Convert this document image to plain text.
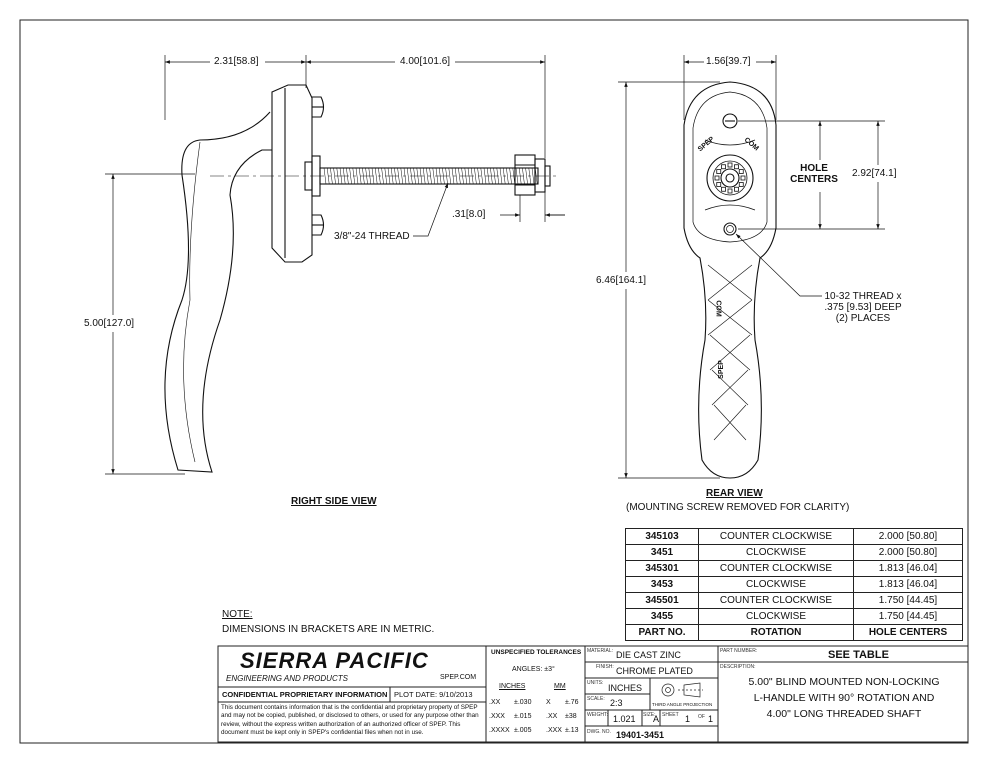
RIGHT SIDE VIEW
2.31[58.8]	4.00[101.6]
5.00[127.0]
.31[8.0]
3/8"-24 THREAD
REAR VIEW
(MOUNTING SCREW REMOVED FOR CLARITY)
1.56[39.7]
6.46[164.1]
2.92[74.1]
HOLE
CENTERS
10-32 THREAD x
.375 [9.53] DEEP
(2) PLACES
SPEP	COM
COM
SPEP
345103	COUNTER CLOCKWISE	2.000 [50.80]
3451	CLOCKWISE	2.000 [50.80]
345301	COUNTER CLOCKWISE	1.813 [46.04]
3453	CLOCKWISE	1.813 [46.04]
345501	COUNTER CLOCKWISE	1.750 [44.45]
3455	CLOCKWISE	1.750 [44.45]
PART NO.	ROTATION	HOLE CENTERS
NOTE:
DIMENSIONS IN BRACKETS ARE IN METRIC.
SIERRA PACIFIC
ENGINEERING AND PRODUCTS	SPEP.COM
CONFIDENTIAL PROPRIETARY INFORMATION PLOT DATE: 9/10/2013
This document contains information that is the confidential and proprietary property of SPEP and may not be copied, published, or disclosed to others, or used for any purpose other than review, without the express written authorization of an authorized officer of SPEP. This document must be kept only in SPEP's confidential files when not in use.
UNSPECIFIED TOLERANCES
ANGLES: ±3°
INCHES	MM
.XX ±.030 X ±.76
.XXX ±.015 .XX ±38
.XXXX ±.005 .XXX ±.13
MATERIAL: DIE CAST ZINC
FINISH: CHROME PLATED
UNITS: INCHES
THIRD ANGLE PROJECTION
SCALE: 2:3
WEIGHT: 1.021 SIZE:
A SHEET 1 OF 1
DWG. NO. 19401-3451
PART NUMBER:	SEE TABLE
DESCRIPTION:
5.00" BLIND MOUNTED NON-LOCKING
L-HANDLE WITH 90° ROTATION AND
4.00" LONG THREADED SHAFT
